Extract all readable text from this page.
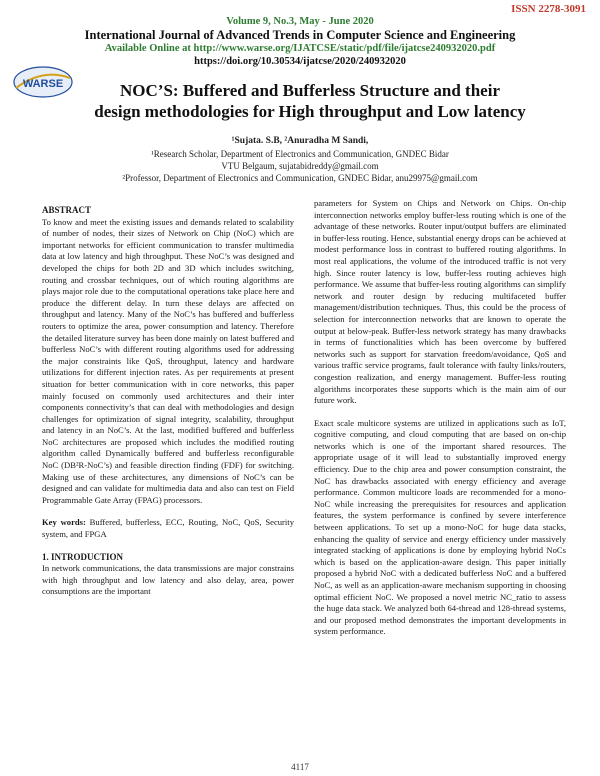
ISSN 2278-3091
Volume 9, No.3, May - June 2020
International Journal of Advanced Trends in Computer Science and Engineering
Available Online at http://www.warse.org/IJATCSE/static/pdf/file/ijatcse240932020.pdf
https://doi.org/10.30534/ijatcse/2020/240932020
WARSE	NOC’S: Buffered and Bufferless Structure and their
design methodologies for High throughput and Low latency
¹Sujata. S.B, ²Anuradha M Sandi,
¹Research Scholar, Department of Electronics and Communication, GNDEC Bidar
VTU Belgaum, sujatabidreddy@gmail.com
²Professor, Department of Electronics and Communication, GNDEC Bidar, anu29975@gmail.com

ABSTRACT

To know and meet the existing issues and demands related to scalability of number of nodes, their sizes of Network on Chip (NoC) which are important networks for efficient communication to transfer multimedia data at low latency and high throughput. These NoC’s was designed and developed the chips for both 2D and 3D which includes switching, routing and crossbar techniques, out of which routing algorithms are plays major role due to the computational operations take place here and produce the different delay. In turn these delays are affected on throughput and latency. Many of the NoC’s has buffered and bufferless routers to optimize the area, power consumption and latency. Therefore the detailed literature survey has been done mainly on latest buffered and bufferless NoC’s with different routing algorithms used for addressing the major constraints like QoS, throughput, latency and hardware utilizations for different injection rates. As per requirements at present situation for better communication with in core networks, this paper mainly focused on commonly used architectures and their inter components connectivity’s that can deal with methodologies and design challenges for optimization of signal integrity, scalability, throughput and latency in an NoC’s. At the last, modified buffered and bufferless NoC architectures are proposed which includes the modified routing algorithm called Dynamically buffered and bufferless reconfigurable NoC (DB²R-NoC’s) and feasible direction finding (FDF) for switching. Making use of these architectures, any dimensions of NoC’s can be designed and can validate for multimedia data and also can test on Field Programmable Gate Array (FPAG) processors.

Key words: Buffered, bufferless, ECC, Routing, NoC, QoS, Security system, and FPGA

1. INTRODUCTION

In network communications, the data transmissions are major constrains with high throughput and low latency and also delay, area, power consumptions are the important

parameters for System on Chips and Network on Chips. On-chip interconnection networks employ buffer-less routing which is one of the advantage of these networks. Router input/output buffers are eliminated in buffer-less routing. Hence, substantial energy drops can be achieved at modest performance loss in contrast to buffered routing algorithms. In most real applications, the volume of the introduced traffic is not very high. Since router latency is low, buffer-less routing achieves high performance. We assume that buffer-less routing algorithms can simplify network and router design by reducing multifaceted buffer management/distribution techniques. Thus, this could be the process of selection for interconnection networks that are known to operate the output at below-peak. Buffer-less network strategy has many drawbacks in terms of functionalities which has been overcome by buffered networks such as support for starvation freedom/avoidance, QoS and various traffic service programs, fault tolerance with faulty links/routers, congestion realization, and energy management. Buffer-less routing algorithms incorporates these supports which is the main aim of our future work.

Exact scale multicore systems are utilized in applications such as IoT, cognitive computing, and cloud computing that are based on on-chip networks which is one of the important shared resources. The appropriate usage of it will lead to substantially improved energy efficiency. Due to the chip area and power consumption constraint, the NoC has drawbacks associated with energy efficiency and average performance. Common multicore loads are recommended for a mono-NoC while increasing the prerequisites for resources and application features, the system performance is confined by severe interference between applications. To set up a mono-NoC for huge data stacks, enhancing the quality of service and energy efficiency under massively integrated stacking of applications is done by employing hybrid NoCs which is based on the application-aware design. This paper initially proposed a hybrid NoC with a dedicated bufferless NoC and a buffered NoC, as well as an application-aware mechanism supporting in choosing optimal efficient NoC. We proposed a novel metric NC_ratio to assess the huge data stack. We analyzed both 64-thread and 128-thread systems, and our proposed method demonstrates the important developments in system performance.

4117
